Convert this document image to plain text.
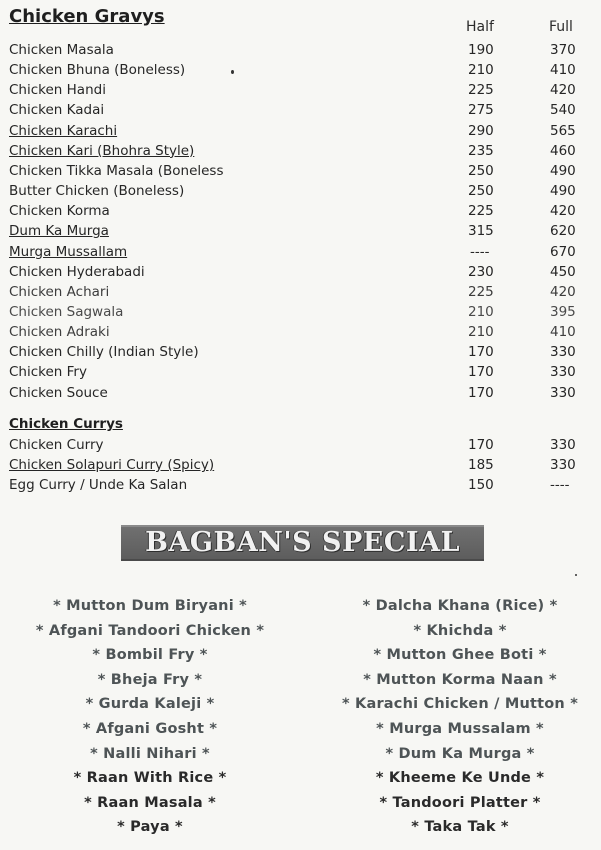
Chicken Gravys	Half	Full
Chicken Masala	190	370
Chicken Bhuna (Boneless)	210	410
Chicken Handi	225	420
Chicken Kadai	275	540
Chicken Karachi	290	565
Chicken Kari (Bhohra Style)	235	460
Chicken Tikka Masala (Boneless	250	490
Butter Chicken (Boneless)	250	490
Chicken Korma	225	420
Dum Ka Murga	315	620
Murga Mussallam	----	670
Chicken Hyderabadi	230	450
Chicken Achari	225	420
Chicken Sagwala	210	395
Chicken Adraki	210	410
Chicken Chilly (Indian Style)	170	330
Chicken Fry	170	330
Chicken Souce	170	330
Chicken Currys
Chicken Curry	170	330
Chicken Solapuri Curry (Spicy)	185	330
Egg Curry / Unde Ka Salan	150	----
BAGBAN'S SPECIAL
* Mutton Dum Biryani *
* Afgani Tandoori Chicken *
* Bombil Fry *
* Bheja Fry *
* Gurda Kaleji *
* Afgani Gosht *
* Nalli Nihari *
* Raan With Rice *
* Raan Masala *
* Paya *
* Dalcha Khana (Rice) *
* Khichda *
* Mutton Ghee Boti *
* Mutton Korma Naan *
* Karachi Chicken / Mutton *
* Murga Mussalam *
* Dum Ka Murga *
* Kheeme Ke Unde *
* Tandoori Platter *
* Taka Tak *
